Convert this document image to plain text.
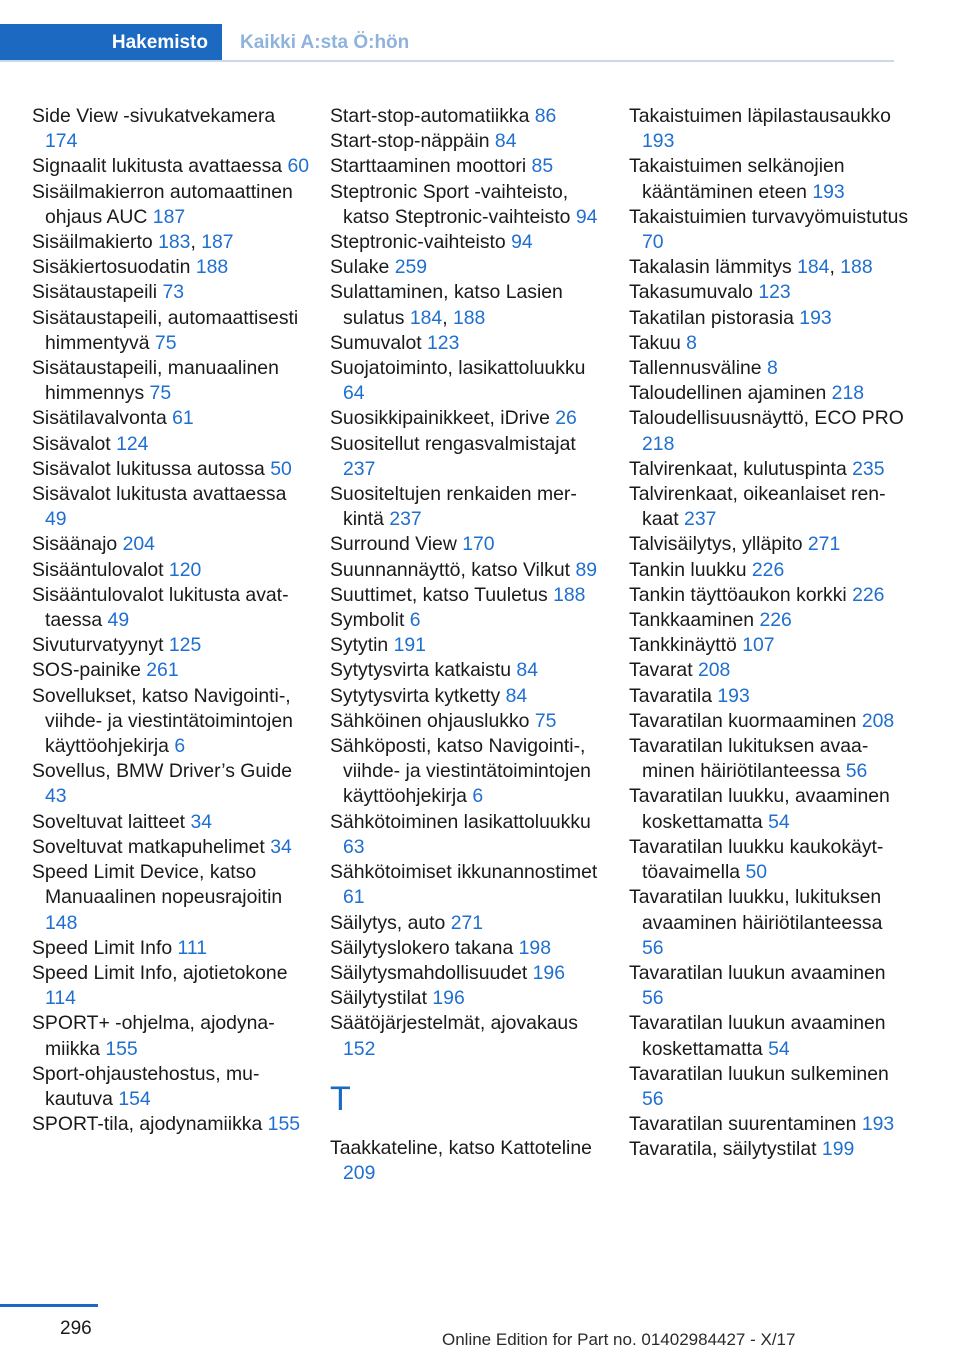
Hakemisto	Kaikki A:sta Ö:hön
Side View -sivukatvekamera 174
Signaalit lukitusta avattaessa 60
Sisäilmakierron automaattinen ohjaus AUC 187
Sisäilmakierto 183, 187
Sisäkiertosuodatin 188
Sisätaustapeili 73
Sisätaustapeili, automaattisesti himmentyvä 75
Sisätaustapeili, manuaalinen himmennys 75
Sisätilavalvonta 61
Sisävalot 124
Sisävalot lukitussa autossa 50
Sisävalot lukitusta avattaessa 49
Sisäänajo 204
Sisääntulovalot 120
Sisääntulovalot lukitusta avattaessa 49
Sivuturvatyynyt 125
SOS-painike 261
Sovellukset, katso Navigointi-, viihde- ja viestintätoimintojen käyttöohjekirja 6
Sovellus, BMW Driver’s Guide 43
Soveltuvat laitteet 34
Soveltuvat matkapuhelimet 34
Speed Limit Device, katso Manuaalinen nopeusrajoitin 148
Speed Limit Info 111
Speed Limit Info, ajotietokone 114
SPORT+ -ohjelma, ajodynamiikka 155
Sport-ohjaustehostus, mukautuva 154
SPORT-tila, ajodynamiikka 155
Start-stop-automatiikka 86
Start-stop-näppäin 84
Starttaaminen moottori 85
Steptronic Sport -vaihteisto, katso Steptronic-vaihteisto 94
Steptronic-vaihteisto 94
Sulake 259
Sulattaminen, katso Lasien sulatus 184, 188
Sumuvalot 123
Suojatoiminto, lasikattoluukku 64
Suosikkipainikkeet, iDrive 26
Suositellut rengasvalmistajat 237
Suositeltujen renkaiden merkintä 237
Surround View 170
Suunnannäyttö, katso Vilkut 89
Suuttimet, katso Tuuletus 188
Symbolit 6
Sytytin 191
Sytytysvirta katkaistu 84
Sytytysvirta kytketty 84
Sähköinen ohjauslukko 75
Sähköposti, katso Navigointi-, viihde- ja viestintätoimintojen käyttöohjekirja 6
Sähkötoiminen lasikattoluukku 63
Sähkötoimiset ikkunannostimet 61
Säilytys, auto 271
Säilytyslokero takana 198
Säilytysmahdollisuudet 196
Säilytystilat 196
Säätöjärjestelmät, ajovakaus 152
T
Taakkateline, katso Kattoteline 209
Takaistuimen läpilastausaukko 193
Takaistuimen selkänojien kääntäminen eteen 193
Takaistuimien turvavyömuistutus 70
Takalasin lämmitys 184, 188
Takasumuvalo 123
Takatilan pistorasia 193
Takuu 8
Tallennusväline 8
Taloudellinen ajaminen 218
Taloudellisuusnäyttö, ECO PRO 218
Talvirenkaat, kulutuspinta 235
Talvirenkaat, oikeanlaiset renkaat 237
Talvisäilytys, ylläpito 271
Tankin luukku 226
Tankin täyttöaukon korkki 226
Tankkaaminen 226
Tankkinäyttö 107
Tavarat 208
Tavaratila 193
Tavaratilan kuormaaminen 208
Tavaratilan lukituksen avaaminen häiriötilanteessa 56
Tavaratilan luukku, avaaminen koskettamatta 54
Tavaratilan luukku kaukokäyttöavaimella 50
Tavaratilan luukku, lukituksen avaaminen häiriötilanteessa 56
Tavaratilan luukun avaaminen 56
Tavaratilan luukun avaaminen koskettamatta 54
Tavaratilan luukun sulkeminen 56
Tavaratilan suurentaminen 193
Tavaratila, säilytystilat 199
296
Online Edition for Part no. 01402984427 - X/17
